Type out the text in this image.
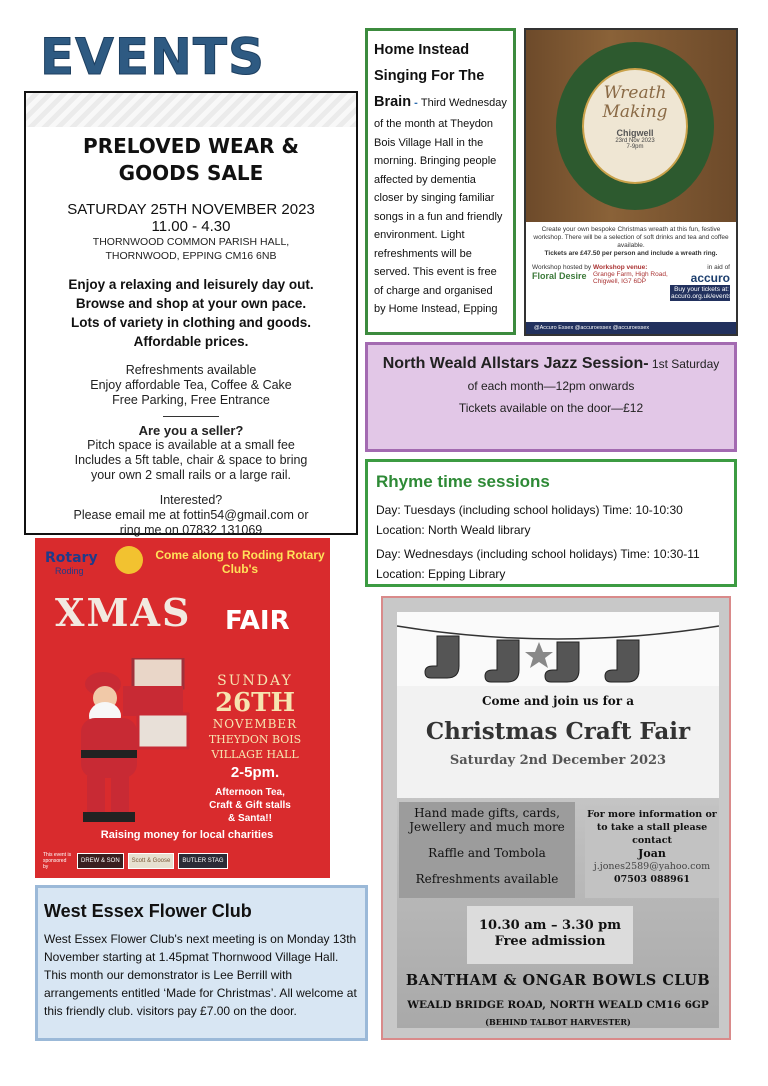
EVENTS
PRELOVED WEAR &
GOODS SALE
SATURDAY 25TH NOVEMBER 2023
11.00 - 4.30
THORNWOOD COMMON PARISH HALL,
THORNWOOD, EPPING CM16 6NB
Enjoy a relaxing and leisurely day out.
Browse and shop at your own pace.
Lots of variety in clothing and goods.
Affordable prices.
Refreshments available
Enjoy affordable Tea, Coffee & Cake
Free Parking, Free Entrance
Are you a seller?
Pitch space is available at a small fee
Includes a 5ft table, chair & space to bring
your own 2 small rails or a large rail.
Interested?
Please email me at fottin54@gmail.com or
ring me on 07832 131069
Home Instead Singing For The Brain - Third Wednesday of the month at Theydon Bois Village Hall in the morning. Bringing people affected by dementia closer by singing familiar songs in a fun and friendly environment. Light refreshments will be served. This event is free of charge and organised by Home Instead, Epping
Wreath
Making
Chigwell
23rd Nov 2023
7-9pm
Create your own bespoke Christmas wreath at this fun, festive workshop. There will be a selection of soft drinks and tea and coffee available.
Tickets are £47.50 per person and include a wreath ring.
Workshop hosted by
Floral Desire
Workshop venue:
Grange Farm, High Road, Chigwell, IG7 6DP
in aid of
accuro
Buy your tickets at: accuro.org.uk/events
@Accuro Essex @accuroessex @accuroessex
North Weald Allstars Jazz Session- 1st Saturday
of each month—12pm onwards
Tickets available on the door—£12
Rhyme time sessions
Day: Tuesdays (including school holidays) Time: 10-10:30
Location: North Weald library
Day: Wednesdays (including school holidays) Time: 10:30-11
Location: Epping Library
Rotary
Roding
Come along to Roding Rotary Club's
XMAS FAIR
SUNDAY
26TH
NOVEMBER
THEYDON BOIS
VILLAGE HALL
2-5pm.
Afternoon Tea,
Craft & Gift stalls
& Santa!!
Raising money for local charities
This event is sponsored by
DREW & SON	Scott & Goose	BUTLER STAG
West Essex Flower Club
West Essex Flower Club's next meeting is on Monday 13th November starting at 1.45pmat Thornwood Village Hall. This month our demonstrator is Lee Berrill with arrangements entitled ‘Made for Christmas’. All welcome at this friendly club. visitors pay £7.00 on the door.
Come and join us for a
Christmas Craft Fair
Saturday 2nd December 2023

Hand made gifts, cards, Jewellery and much more

Raffle and Tombola

Refreshments available

For more information or to take a stall please contact
Joan
j.jones2589@yahoo.com
07503 088961
10.30 am – 3.30 pm
Free admission
BANTHAM & ONGAR BOWLS CLUB
WEALD BRIDGE ROAD, NORTH WEALD CM16 6GP
(BEHIND TALBOT HARVESTER)
